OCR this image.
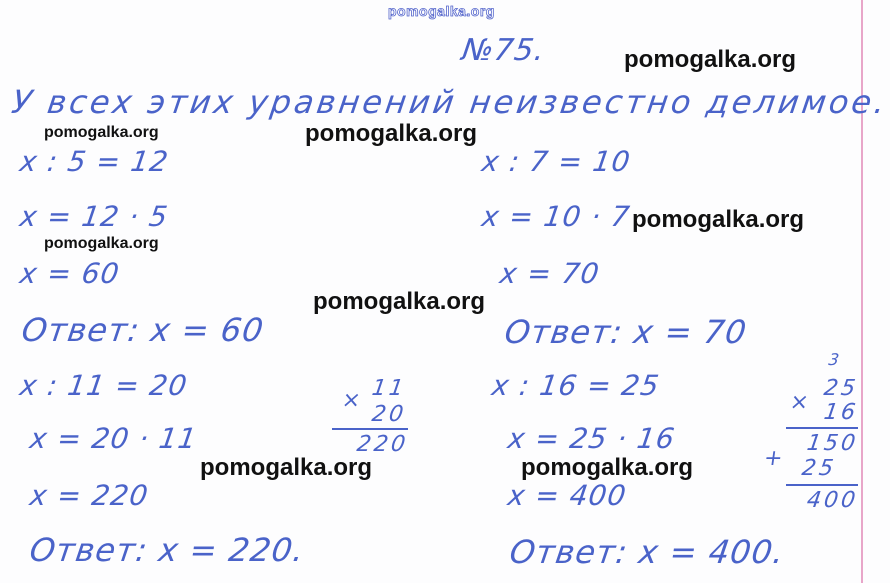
pomogalka.org
№75.
У всех этих уравнений неизвестно делимое.
x : 5 = 12
x = 12 · 5
x = 60
Ответ: x = 60
x : 7 = 10
x = 10 · 7
x = 70
Ответ: x = 70
x : 11 = 20
x = 20 · 11
x = 220
Ответ: x = 220.
× 11
20
220
x : 16 = 25
x = 25 · 16
x = 400
Ответ: x = 400.
3
×
25
16
150
+ 25
400
pomogalka.org
pomogalka.org	pomogalka.org
pomogalka.org
pomogalka.org
pomogalka.org
pomogalka.org	pomogalka.org
